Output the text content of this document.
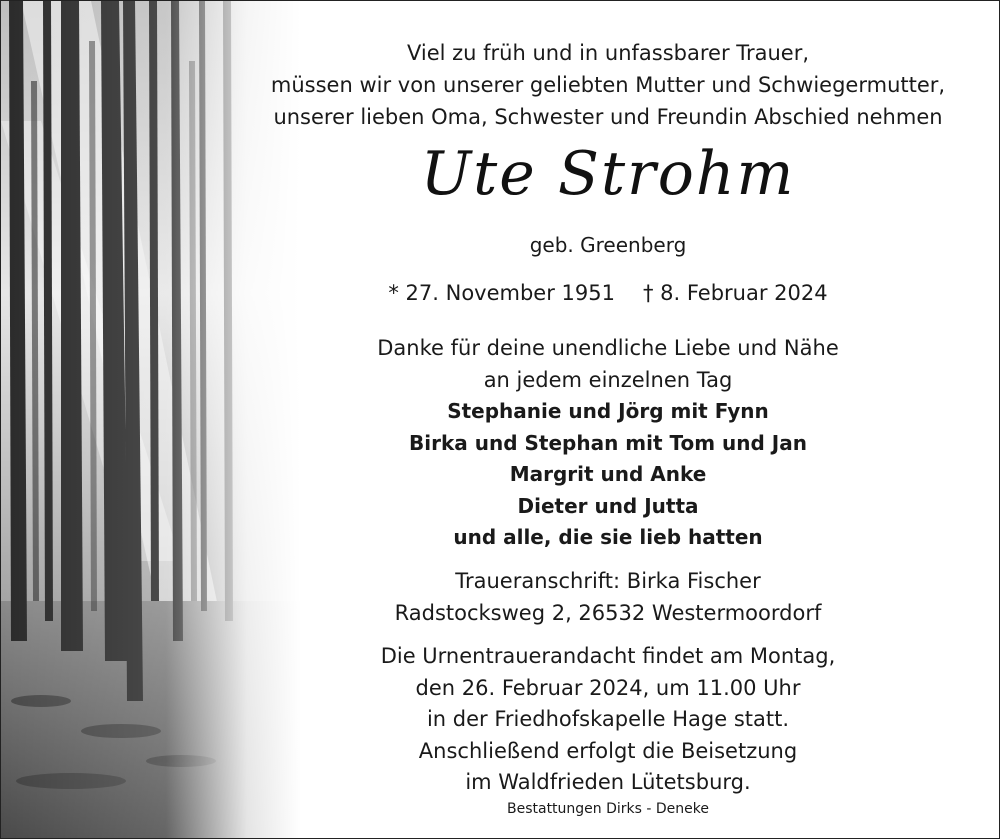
Viel zu früh und in unfassbarer Trauer,
müssen wir von unserer geliebten Mutter und Schwiegermutter,
unserer lieben Oma, Schwester und Freundin Abschied nehmen
Ute Strohm
geb. Greenberg
* 27. November 1951 † 8. Februar 2024
Danke für deine unendliche Liebe und Nähe
an jedem einzelnen Tag
Stephanie und Jörg mit Fynn
Birka und Stephan mit Tom und Jan
Margrit und Anke
Dieter und Jutta
und alle, die sie lieb hatten
Traueranschrift: Birka Fischer
Radstocksweg 2, 26532 Westermoordorf
Die Urnentrauerandacht findet am Montag,
den 26. Februar 2024, um 11.00 Uhr
in der Friedhofskapelle Hage statt.
Anschließend erfolgt die Beisetzung
im Waldfrieden Lütetsburg.
Bestattungen Dirks - Deneke
